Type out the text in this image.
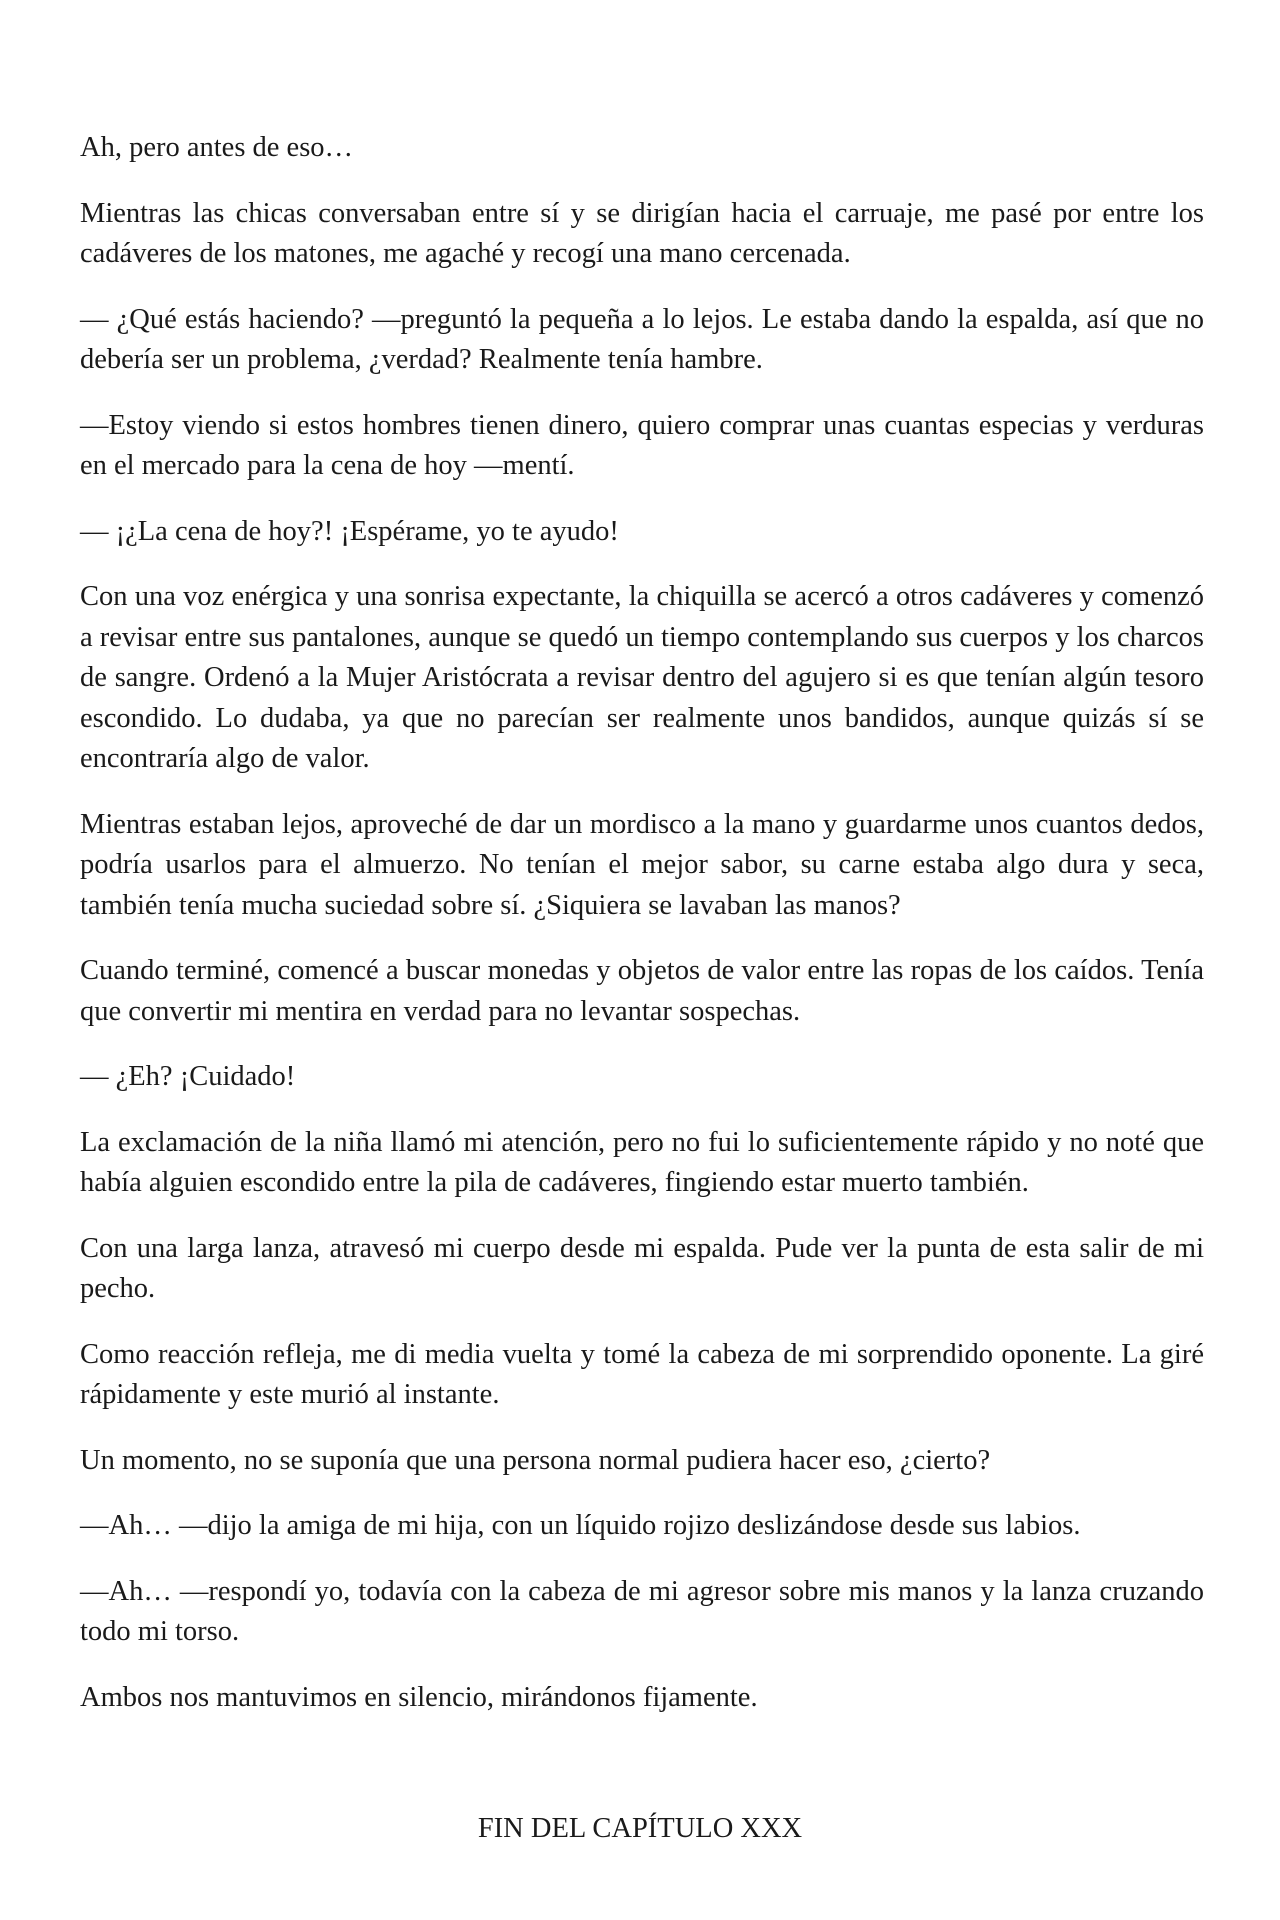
Ah, pero antes de eso…

Mientras las chicas conversaban entre sí y se dirigían hacia el carruaje, me pasé por entre los cadáveres de los matones, me agaché y recogí una mano cercenada.

— ¿Qué estás haciendo? —preguntó la pequeña a lo lejos. Le estaba dando la espalda, así que no debería ser un problema, ¿verdad? Realmente tenía hambre.

—Estoy viendo si estos hombres tienen dinero, quiero comprar unas cuantas especias y verduras en el mercado para la cena de hoy —mentí.

— ¡¿La cena de hoy?! ¡Espérame, yo te ayudo!

Con una voz enérgica y una sonrisa expectante, la chiquilla se acercó a otros cadáveres y comenzó a revisar entre sus pantalones, aunque se quedó un tiempo contemplando sus cuerpos y los charcos de sangre. Ordenó a la Mujer Aristócrata a revisar dentro del agujero si es que tenían algún tesoro escondido. Lo dudaba, ya que no parecían ser realmente unos bandidos, aunque quizás sí se encontraría algo de valor.

Mientras estaban lejos, aproveché de dar un mordisco a la mano y guardarme unos cuantos dedos, podría usarlos para el almuerzo. No tenían el mejor sabor, su carne estaba algo dura y seca, también tenía mucha suciedad sobre sí. ¿Siquiera se lavaban las manos?

Cuando terminé, comencé a buscar monedas y objetos de valor entre las ropas de los caídos. Tenía que convertir mi mentira en verdad para no levantar sospechas.

— ¿Eh? ¡Cuidado!

La exclamación de la niña llamó mi atención, pero no fui lo suficientemente rápido y no noté que había alguien escondido entre la pila de cadáveres, fingiendo estar muerto también.

Con una larga lanza, atravesó mi cuerpo desde mi espalda. Pude ver la punta de esta salir de mi pecho.

Como reacción refleja, me di media vuelta y tomé la cabeza de mi sorprendido oponente. La giré rápidamente y este murió al instante.

Un momento, no se suponía que una persona normal pudiera hacer eso, ¿cierto?

—Ah… —dijo la amiga de mi hija, con un líquido rojizo deslizándose desde sus labios.

—Ah… —respondí yo, todavía con la cabeza de mi agresor sobre mis manos y la lanza cruzando todo mi torso.

Ambos nos mantuvimos en silencio, mirándonos fijamente.

FIN DEL CAPÍTULO XXX
